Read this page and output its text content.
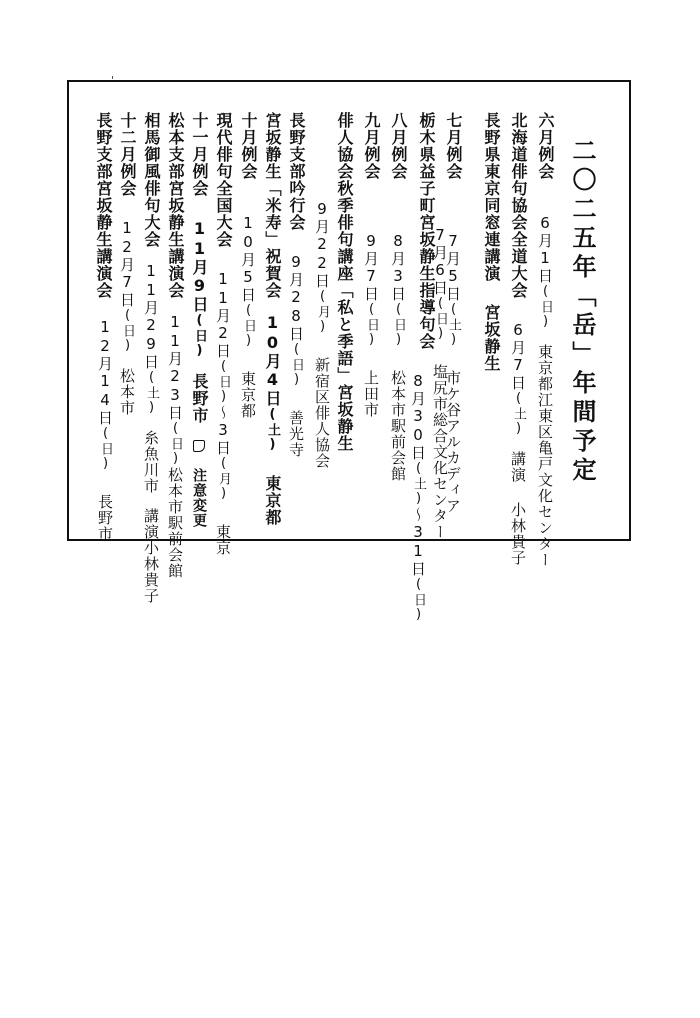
二〇二五年「岳」年間予定
六月例会6月1日(日)東京都江東区亀戸文化センター
北海道俳句協会全道大会6月7日(土)講演 小林貴子
長野県東京同窓連講演宮坂静生
七月例会7月5日(土)市ケ谷アルカディア
栃木県益子町宮坂静生指導句会
7月6日(日)塩尻市総合文化センター
八月例会8月3日(日)松本市駅前会館 8月30日(土)〜31日(日)
九月例会9月7日(日)上田市
俳人協会秋季俳句講座「私と季語」宮坂静生
9月22日(月)新宿区俳人協会
長野支部吟行会9月28日(日)善光寺
宮坂静生「米寿」祝賀会10月4日(土)東京都
十月例会10月5日(日)東京都
現代俳句全国大会11月2日(日)〜3日(月)東京
十一月例会11月9日(日)長野市注意変更
松本支部宮坂静生講演会11月23日(日)松本市駅前会館
相馬御風俳句大会11月29日(土)糸魚川市講演小林貴子
十二月例会12月7日(日)松本市
長野支部宮坂静生講演会
12月14日(日)長野市
